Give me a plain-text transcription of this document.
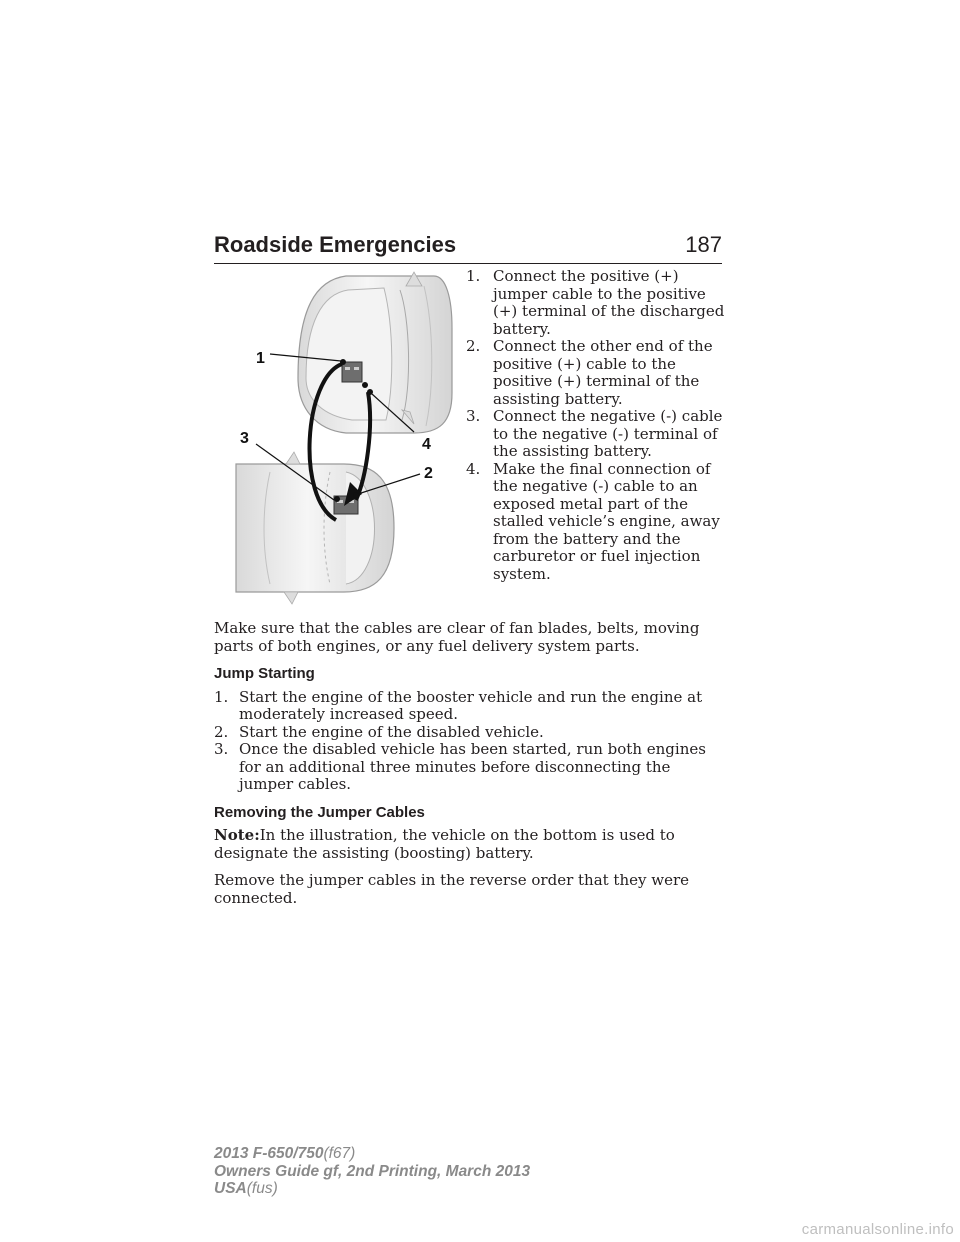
Roadside Emergencies	187
1
2
3	4
1. Connect the positive (+) jumper cable to the positive (+) terminal of the discharged battery.
2. Connect the other end of the positive (+) cable to the positive (+) terminal of the assisting battery.
3. Connect the negative (-) cable to the negative (-) terminal of the assisting battery.
4. Make the final connection of the negative (-) cable to an exposed metal part of the stalled vehicle’s engine, away from the battery and the carburetor or fuel injection system.

Make sure that the cables are clear of fan blades, belts, moving parts of both engines, or any fuel delivery system parts.

Jump Starting
1. Start the engine of the booster vehicle and run the engine at moderately increased speed.
2. Start the engine of the disabled vehicle.
3. Once the disabled vehicle has been started, run both engines for an additional three minutes before disconnecting the jumper cables.
Removing the Jumper Cables

Note:In the illustration, the vehicle on the bottom is used to designate the assisting (boosting) battery.

Remove the jumper cables in the reverse order that they were connected.

2013 F-650/750(f67)
Owners Guide gf, 2nd Printing, March 2013
USA(fus)
carmanualsonline.info
